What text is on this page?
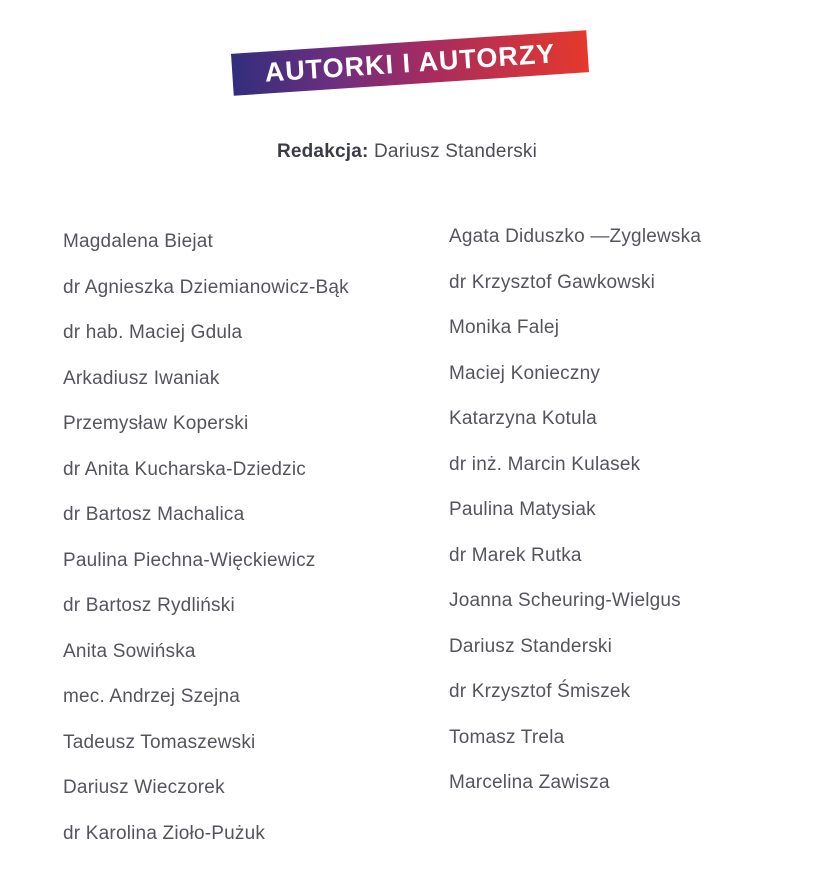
AUTORKI I AUTORZY
Redakcja: Dariusz Standerski
Magdalena Biejat
dr Agnieszka Dziemianowicz-Bąk
dr hab. Maciej Gdula
Arkadiusz Iwaniak
Przemysław Koperski
dr Anita Kucharska-Dziedzic
dr Bartosz Machalica
Paulina Piechna-Więckiewicz
dr Bartosz Rydliński
Anita Sowińska
mec. Andrzej Szejna
Tadeusz Tomaszewski
Dariusz Wieczorek
dr Karolina Zioło-Pużuk
Agata Diduszko —Zyglewska
dr Krzysztof Gawkowski
Monika Falej
Maciej Konieczny
Katarzyna Kotula
dr inż. Marcin Kulasek
Paulina Matysiak
dr Marek Rutka
Joanna Scheuring-Wielgus
Dariusz Standerski
dr Krzysztof Śmiszek
Tomasz Trela
Marcelina Zawisza
